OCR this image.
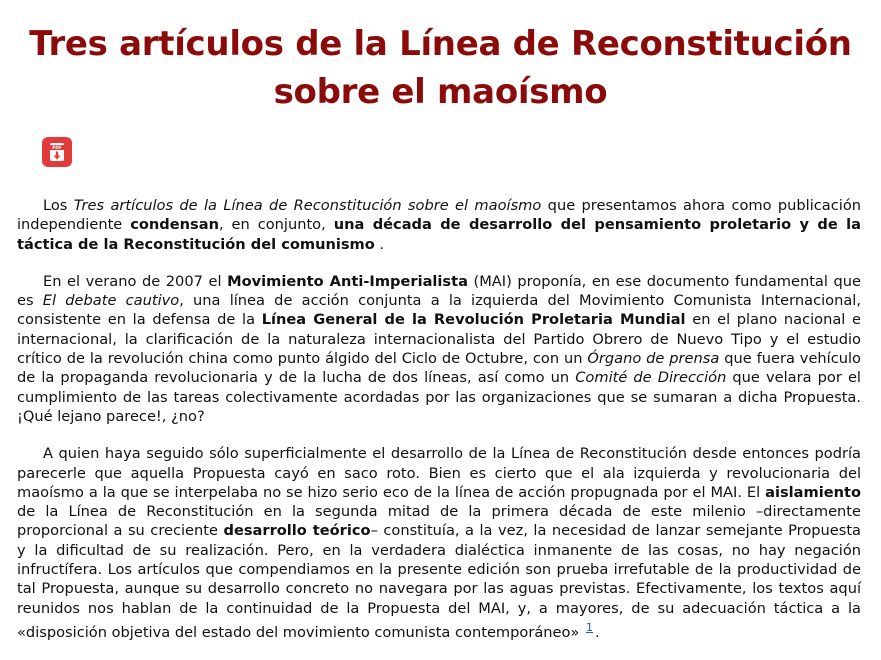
Tres artículos de la Línea de Reconstitución
sobre el maoísmo
PDF

Los Tres artículos de la Línea de Reconstitución sobre el maoísmo que presentamos ahora como publicación independiente condensan, en conjunto, una década de desarrollo del pensamiento proletario y de la táctica de la Reconstitución del comunismo .

En el verano de 2007 el Movimiento Anti-Imperialista (MAI) proponía, en ese documento fundamental que es El debate cautivo, una línea de acción conjunta a la izquierda del Movimiento Comunista Internacional, consistente en la defensa de la Línea General de la Revolución Proletaria Mundial en el plano nacional e internacional, la clarificación de la naturaleza internacionalista del Partido Obrero de Nuevo Tipo y el estudio crítico de la revolución china como punto álgido del Ciclo de Octubre, con un Órgano de prensa que fuera vehículo de la propaganda revolucionaria y de la lucha de dos líneas, así como un Comité de Dirección que velara por el cumplimiento de las tareas colectivamente acordadas por las organizaciones que se sumaran a dicha Propuesta. ¡Qué lejano parece!, ¿no?

A quien haya seguido sólo superficialmente el desarrollo de la Línea de Reconstitución desde entonces podría parecerle que aquella Propuesta cayó en saco roto. Bien es cierto que el ala izquierda y revolucionaria del maoísmo a la que se interpelaba no se hizo serio eco de la línea de acción propugnada por el MAI. El aislamiento de la Línea de Reconstitución en la segunda mitad de la primera década de este milenio –directamente proporcional a su creciente desarrollo teórico– constituía, a la vez, la necesidad de lanzar semejante Propuesta y la dificultad de su realización. Pero, en la verdadera dialéctica inmanente de las cosas, no hay negación infructífera. Los artículos que compendiamos en la presente edición son prueba irrefutable de la productividad de tal Propuesta, aunque su desarrollo concreto no navegara por las aguas previstas. Efectivamente, los textos aquí reunidos nos hablan de la continuidad de la Propuesta del MAI, y, a mayores, de su adecuación táctica a la «disposición objetiva del estado del movimiento comunista contemporáneo» $^1$ .
